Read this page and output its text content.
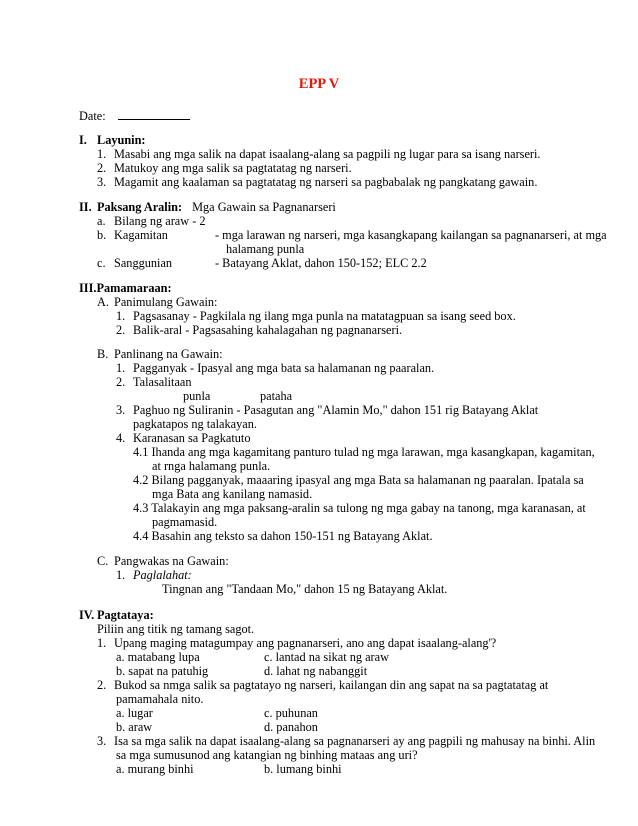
EPP V
Date:
I. Layunin:
1. Masabi ang mga salik na dapat isaalang-alang sa pagpili ng lugar para sa isang narseri.
2. Matukoy ang mga salik sa pagtatatag ng narseri.
3. Magamit ang kaalaman sa pagtatatag ng narseri sa pagbabalak ng pangkatang gawain.
II. Paksang Aralin: Mga Gawain sa Pagnanarseri
a. Bilang ng araw - 2
b. Kagamitan	- mga larawan ng narseri, mga kasangkapang kailangan sa pagnanarseri, at mga
halamang punla
c. Sanggunian	- Batayang Aklat, dahon 150-152; ELC 2.2
III.Pamamaraan:
A. Panimulang Gawain:
1. Pagsasanay - Pagkilala ng ilang mga punla na matatagpuan sa isang seed box.
2. Balik-aral - Pagsasahing kahalagahan ng pagnanarseri.
B. Panlinang na Gawain:
1. Pagganyak - Ipasyal ang mga bata sa halamanan ng paaralan.
2. Talasalitaan
punla	pataha
3. Paghuo ng Suliranin - Pasagutan ang "Alamin Mo," dahon 151 rig Batayang Aklat
pagkatapos ng talakayan.
4. Karanasan sa Pagkatuto
4.1 Ihanda ang mga kagamitang panturo tulad ng mga larawan, mga kasangkapan, kagamitan,
at rnga halamang punla.
4.2 Bilang pagganyak, maaaring ipasyal ang mga Bata sa halamanan ng paaralan. Ipatala sa
mga Bata ang kanilang namasid.
4.3 Talakayin ang mga paksang-aralin sa tulong ng mga gabay na tanong, mga karanasan, at
pagmamasid.
4.4 Basahin ang teksto sa dahon 150-151 ng Batayang Aklat.
C. Pangwakas na Gawain:
1. Paglalahat:
Tingnan ang "Tandaan Mo," dahon 15 ng Batayang Aklat.
IV. Pagtataya:
Piliin ang titik ng tamang sagot.
1. Upang maging matagumpay ang pagnanarseri, ano ang dapat isaalang-alang'?
a. matabang lupa	c. lantad na sikat ng araw
b. sapat na patuhig	d. lahat ng nabanggit
2. Bukod sa nmga salik sa pagtatayo ng narseri, kailangan din ang sapat na sa pagtatatag at
pamamahala nito.
a. lugar	c. puhunan
b. araw	d. panahon
3. Isa sa mga salik na dapat isaalang-alang sa pagnanarseri ay ang pagpili ng mahusay na binhi. Alin
sa mga sumusunod ang katangian ng binhing mataas ang uri?
a. murang binhi	b. lumang binhi
